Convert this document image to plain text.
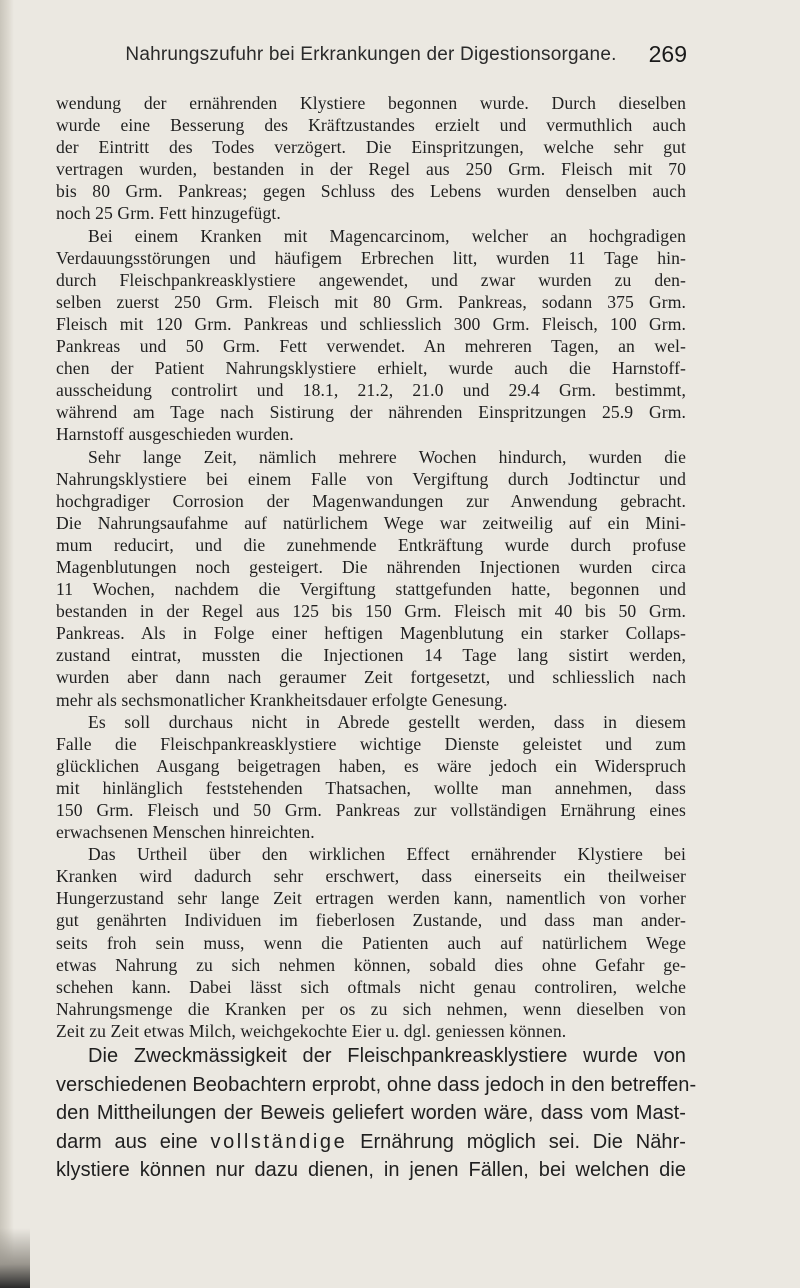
Nahrungszufuhr bei Erkrankungen der Digestionsorgane.	269
wendung der ernährenden Klystiere begonnen wurde. Durch dieselben
wurde eine Besserung des Kräftzustandes erzielt und vermuthlich auch
der Eintritt des Todes verzögert. Die Einspritzungen, welche sehr gut
vertragen wurden, bestanden in der Regel aus 250 Grm. Fleisch mit 70
bis 80 Grm. Pankreas; gegen Schluss des Lebens wurden denselben auch
noch 25 Grm. Fett hinzugefügt.
Bei einem Kranken mit Magencarcinom, welcher an hochgradigen
Verdauungsstörungen und häufigem Erbrechen litt, wurden 11 Tage hin-
durch Fleischpankreasklystiere angewendet, und zwar wurden zu den-
selben zuerst 250 Grm. Fleisch mit 80 Grm. Pankreas, sodann 375 Grm.
Fleisch mit 120 Grm. Pankreas und schliesslich 300 Grm. Fleisch, 100 Grm.
Pankreas und 50 Grm. Fett verwendet. An mehreren Tagen, an wel-
chen der Patient Nahrungsklystiere erhielt, wurde auch die Harnstoff-
ausscheidung controlirt und 18.1, 21.2, 21.0 und 29.4 Grm. bestimmt,
während am Tage nach Sistirung der nährenden Einspritzungen 25.9 Grm.
Harnstoff ausgeschieden wurden.
Sehr lange Zeit, nämlich mehrere Wochen hindurch, wurden die
Nahrungsklystiere bei einem Falle von Vergiftung durch Jodtinctur und
hochgradiger Corrosion der Magenwandungen zur Anwendung gebracht.
Die Nahrungsaufahme auf natürlichem Wege war zeitweilig auf ein Mini-
mum reducirt, und die zunehmende Entkräftung wurde durch profuse
Magenblutungen noch gesteigert. Die nährenden Injectionen wurden circa
11 Wochen, nachdem die Vergiftung stattgefunden hatte, begonnen und
bestanden in der Regel aus 125 bis 150 Grm. Fleisch mit 40 bis 50 Grm.
Pankreas. Als in Folge einer heftigen Magenblutung ein starker Collaps-
zustand eintrat, mussten die Injectionen 14 Tage lang sistirt werden,
wurden aber dann nach geraumer Zeit fortgesetzt, und schliesslich nach
mehr als sechsmonatlicher Krankheitsdauer erfolgte Genesung.
Es soll durchaus nicht in Abrede gestellt werden, dass in diesem
Falle die Fleischpankreasklystiere wichtige Dienste geleistet und zum
glücklichen Ausgang beigetragen haben, es wäre jedoch ein Widerspruch
mit hinlänglich feststehenden Thatsachen, wollte man annehmen, dass
150 Grm. Fleisch und 50 Grm. Pankreas zur vollständigen Ernährung eines
erwachsenen Menschen hinreichten.
Das Urtheil über den wirklichen Effect ernährender Klystiere bei
Kranken wird dadurch sehr erschwert, dass einerseits ein theilweiser
Hungerzustand sehr lange Zeit ertragen werden kann, namentlich von vorher
gut genährten Individuen im fieberlosen Zustande, und dass man ander-
seits froh sein muss, wenn die Patienten auch auf natürlichem Wege
etwas Nahrung zu sich nehmen können, sobald dies ohne Gefahr ge-
schehen kann. Dabei lässt sich oftmals nicht genau controliren, welche
Nahrungsmenge die Kranken per os zu sich nehmen, wenn dieselben von
Zeit zu Zeit etwas Milch, weichgekochte Eier u. dgl. geniessen können.
Die Zweckmässigkeit der Fleischpankreasklystiere wurde von
verschiedenen Beobachtern erprobt, ohne dass jedoch in den betreffen-
den Mittheilungen der Beweis geliefert worden wäre, dass vom Mast-
darm aus eine vollständige Ernährung möglich sei. Die Nähr-
klystiere können nur dazu dienen, in jenen Fällen, bei welchen die
